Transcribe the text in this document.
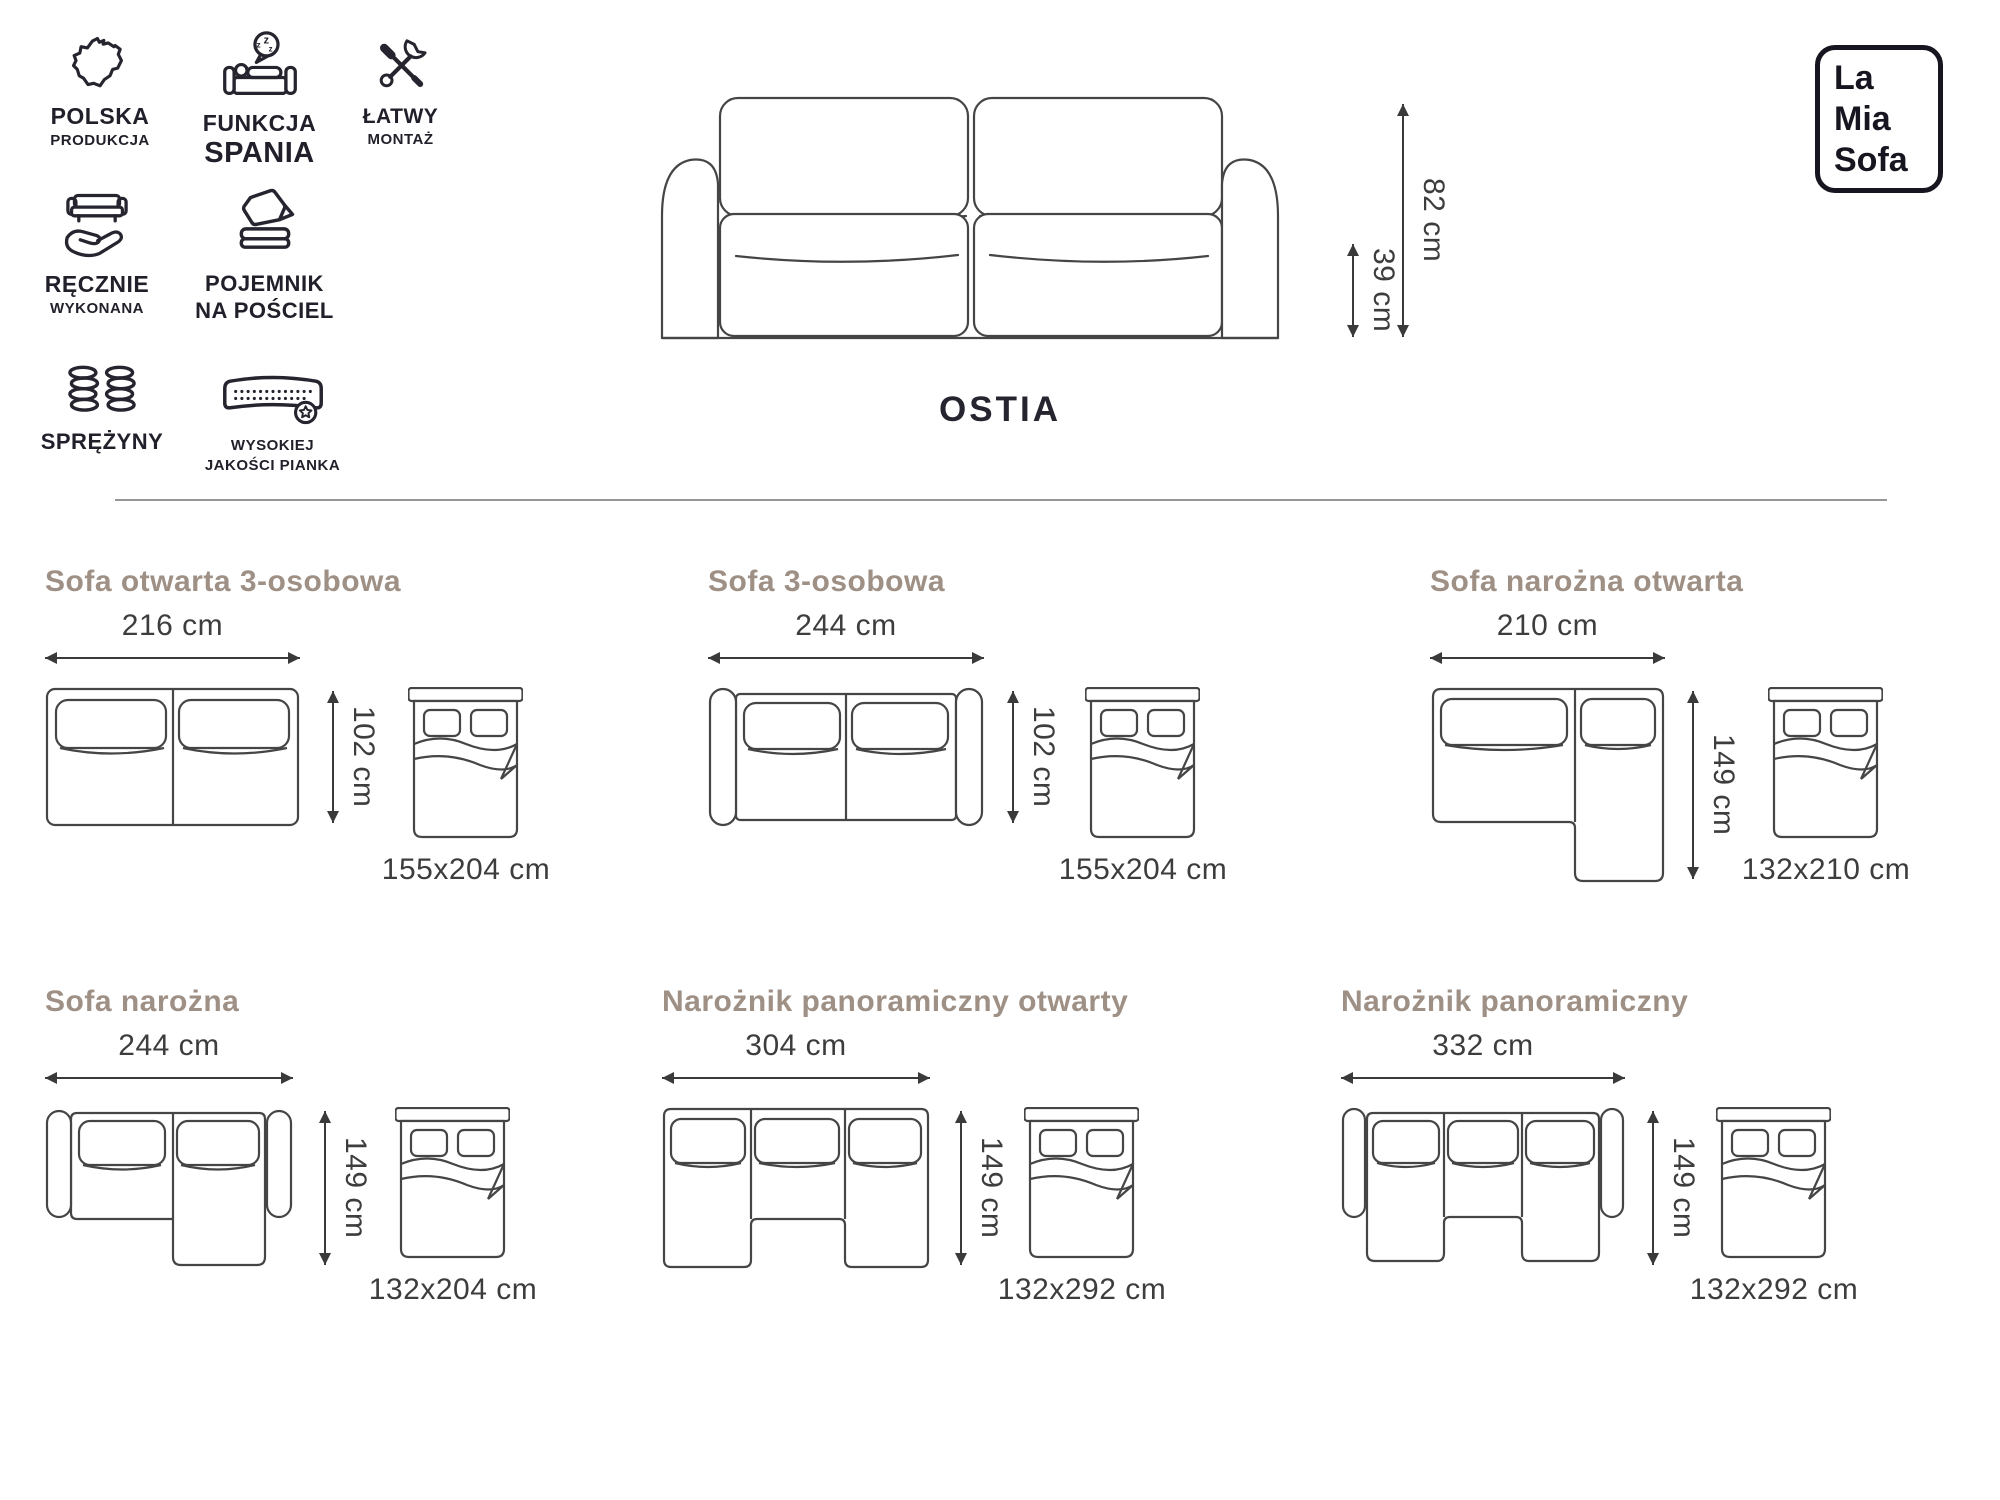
POLSKA
PRODUKCJA
z z
z
FUNKCJA
SPANIA
ŁATWY
MONTAŻ
RĘCZNIE
WYKONANA
POJEMNIK
NA POŚCIEL
SPRĘŻYNY	WYSOKIEJ
JAKOŚCI PIANKA
39 cm
82 cm
OSTIA
La
Mia
Sofa
Sofa otwarta 3-osobowa
216 cm
102 cm
155x204 cm
Sofa 3-osobowa
244 cm
102 cm
155x204 cm
Sofa narożna otwarta
210 cm
149 cm
132x210 cm
Sofa narożna
244 cm
149 cm
132x204 cm
Narożnik panoramiczny otwarty
304 cm
149 cm
132x292 cm
Narożnik panoramiczny
332 cm
149 cm
132x292 cm
